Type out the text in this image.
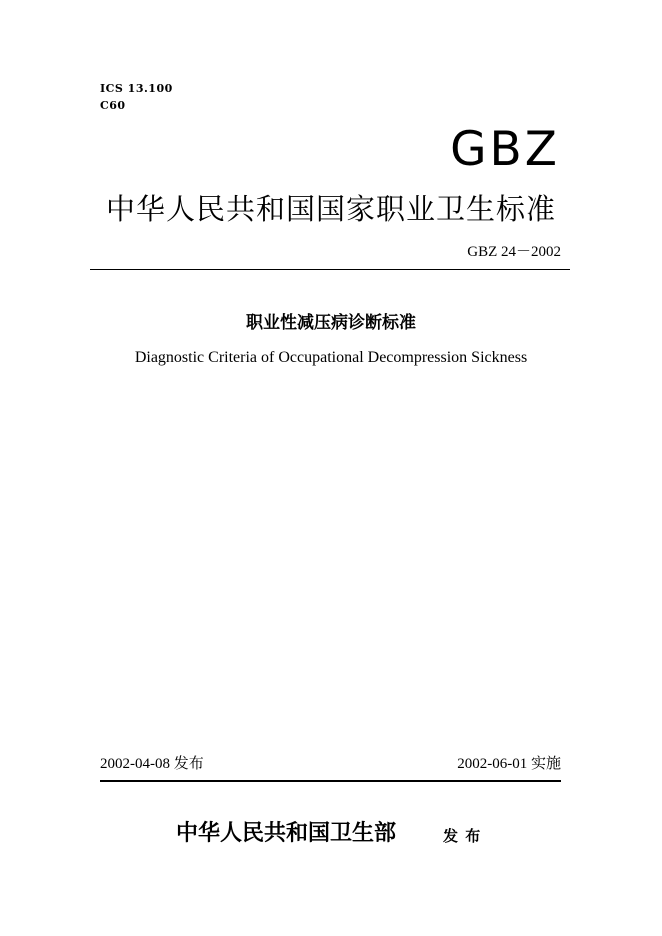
ICS 13.100
C60
GBZ
中华人民共和国国家职业卫生标准
GBZ 24－2002
职业性减压病诊断标准
Diagnostic Criteria of Occupational Decompression Sickness
2002-04-08 发布	2002-06-01 实施
中华人民共和国卫生部	发 布
